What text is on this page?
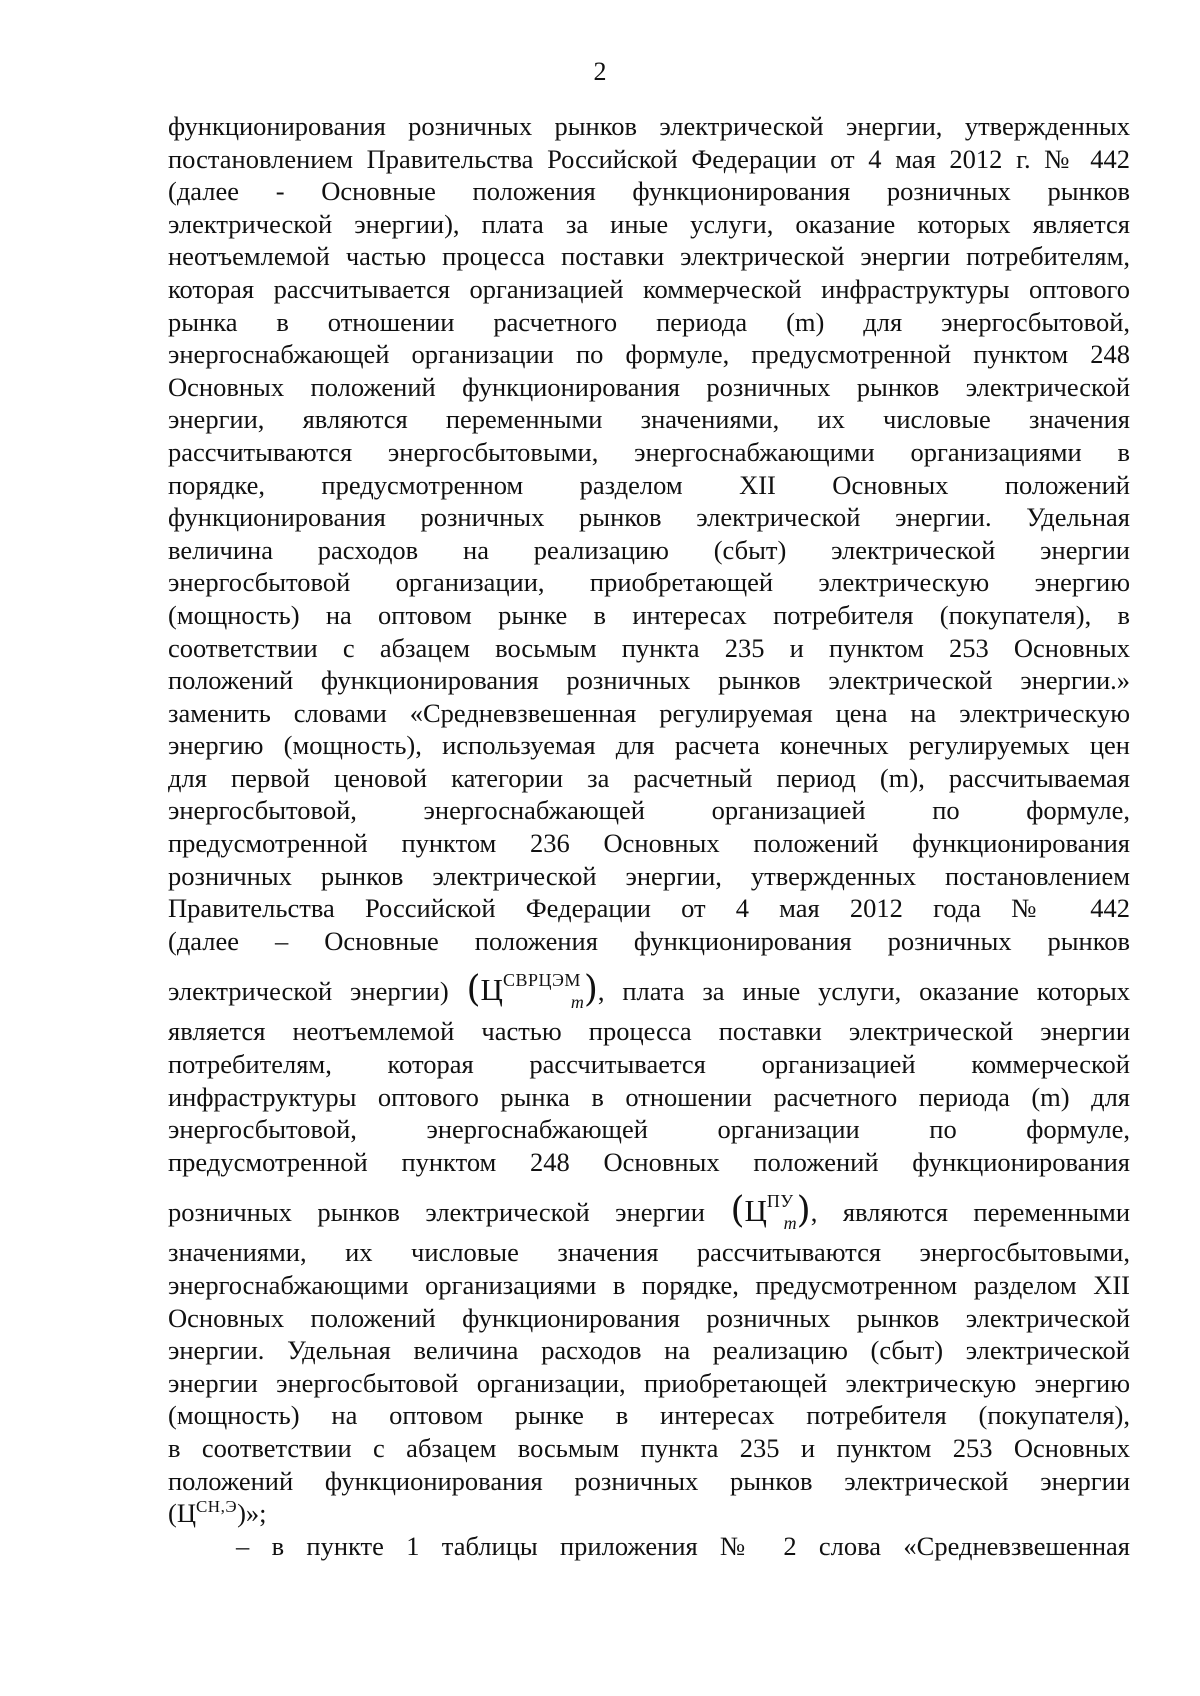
2
функционирования розничных рынков электрической энергии, утвержденных
постановлением Правительства Российской Федерации от 4 мая 2012 г. № 442
(далее - Основные положения функционирования розничных рынков
электрической энергии), плата за иные услуги, оказание которых является
неотъемлемой частью процесса поставки электрической энергии потребителям,
которая рассчитывается организацией коммерческой инфраструктуры оптового
рынка в отношении расчетного периода (m) для энергосбытовой,
энергоснабжающей организации по формуле, предусмотренной пунктом 248
Основных положений функционирования розничных рынков электрической
энергии, являются переменными значениями, их числовые значения
рассчитываются энергосбытовыми, энергоснабжающими организациями в
порядке, предусмотренном разделом XII Основных положений
функционирования розничных рынков электрической энергии. Удельная
величина расходов на реализацию (сбыт) электрической энергии
энергосбытовой организации, приобретающей электрическую энергию
(мощность) на оптовом рынке в интересах потребителя (покупателя), в
соответствии с абзацем восьмым пункта 235 и пунктом 253 Основных
положений функционирования розничных рынков электрической энергии.»
заменить словами «Средневзвешенная регулируемая цена на электрическую
энергию (мощность), используемая для расчета конечных регулируемых цен
для первой ценовой категории за расчетный период (m), рассчитываемая
энергосбытовой, энергоснабжающей организацией по формуле,
предусмотренной пунктом 236 Основных положений функционирования
розничных рынков электрической энергии, утвержденных постановлением
Правительства Российской Федерации от 4 мая 2012 года № 442
(далее – Основные положения функционирования розничных рынков
электрической энергии) $(Ц^{СВРЦЭМ}_m)$, плата за иные услуги, оказание которых
является неотъемлемой частью процесса поставки электрической энергии
потребителям, которая рассчитывается организацией коммерческой
инфраструктуры оптового рынка в отношении расчетного периода (m) для
энергосбытовой, энергоснабжающей организации по формуле,
предусмотренной пунктом 248 Основных положений функционирования
розничных рынков электрической энергии $(Ц^{ПУ}_m)$, являются переменными
значениями, их числовые значения рассчитываются энергосбытовыми,
энергоснабжающими организациями в порядке, предусмотренном разделом XII
Основных положений функционирования розничных рынков электрической
энергии. Удельная величина расходов на реализацию (сбыт) электрической
энергии энергосбытовой организации, приобретающей электрическую энергию
(мощность) на оптовом рынке в интересах потребителя (покупателя),
в соответствии с абзацем восьмым пункта 235 и пунктом 253 Основных
положений функционирования розничных рынков электрической энергии
$(Ц^{СН,Э})$»;
– в пункте 1 таблицы приложения № 2 слова «Средневзвешенная
